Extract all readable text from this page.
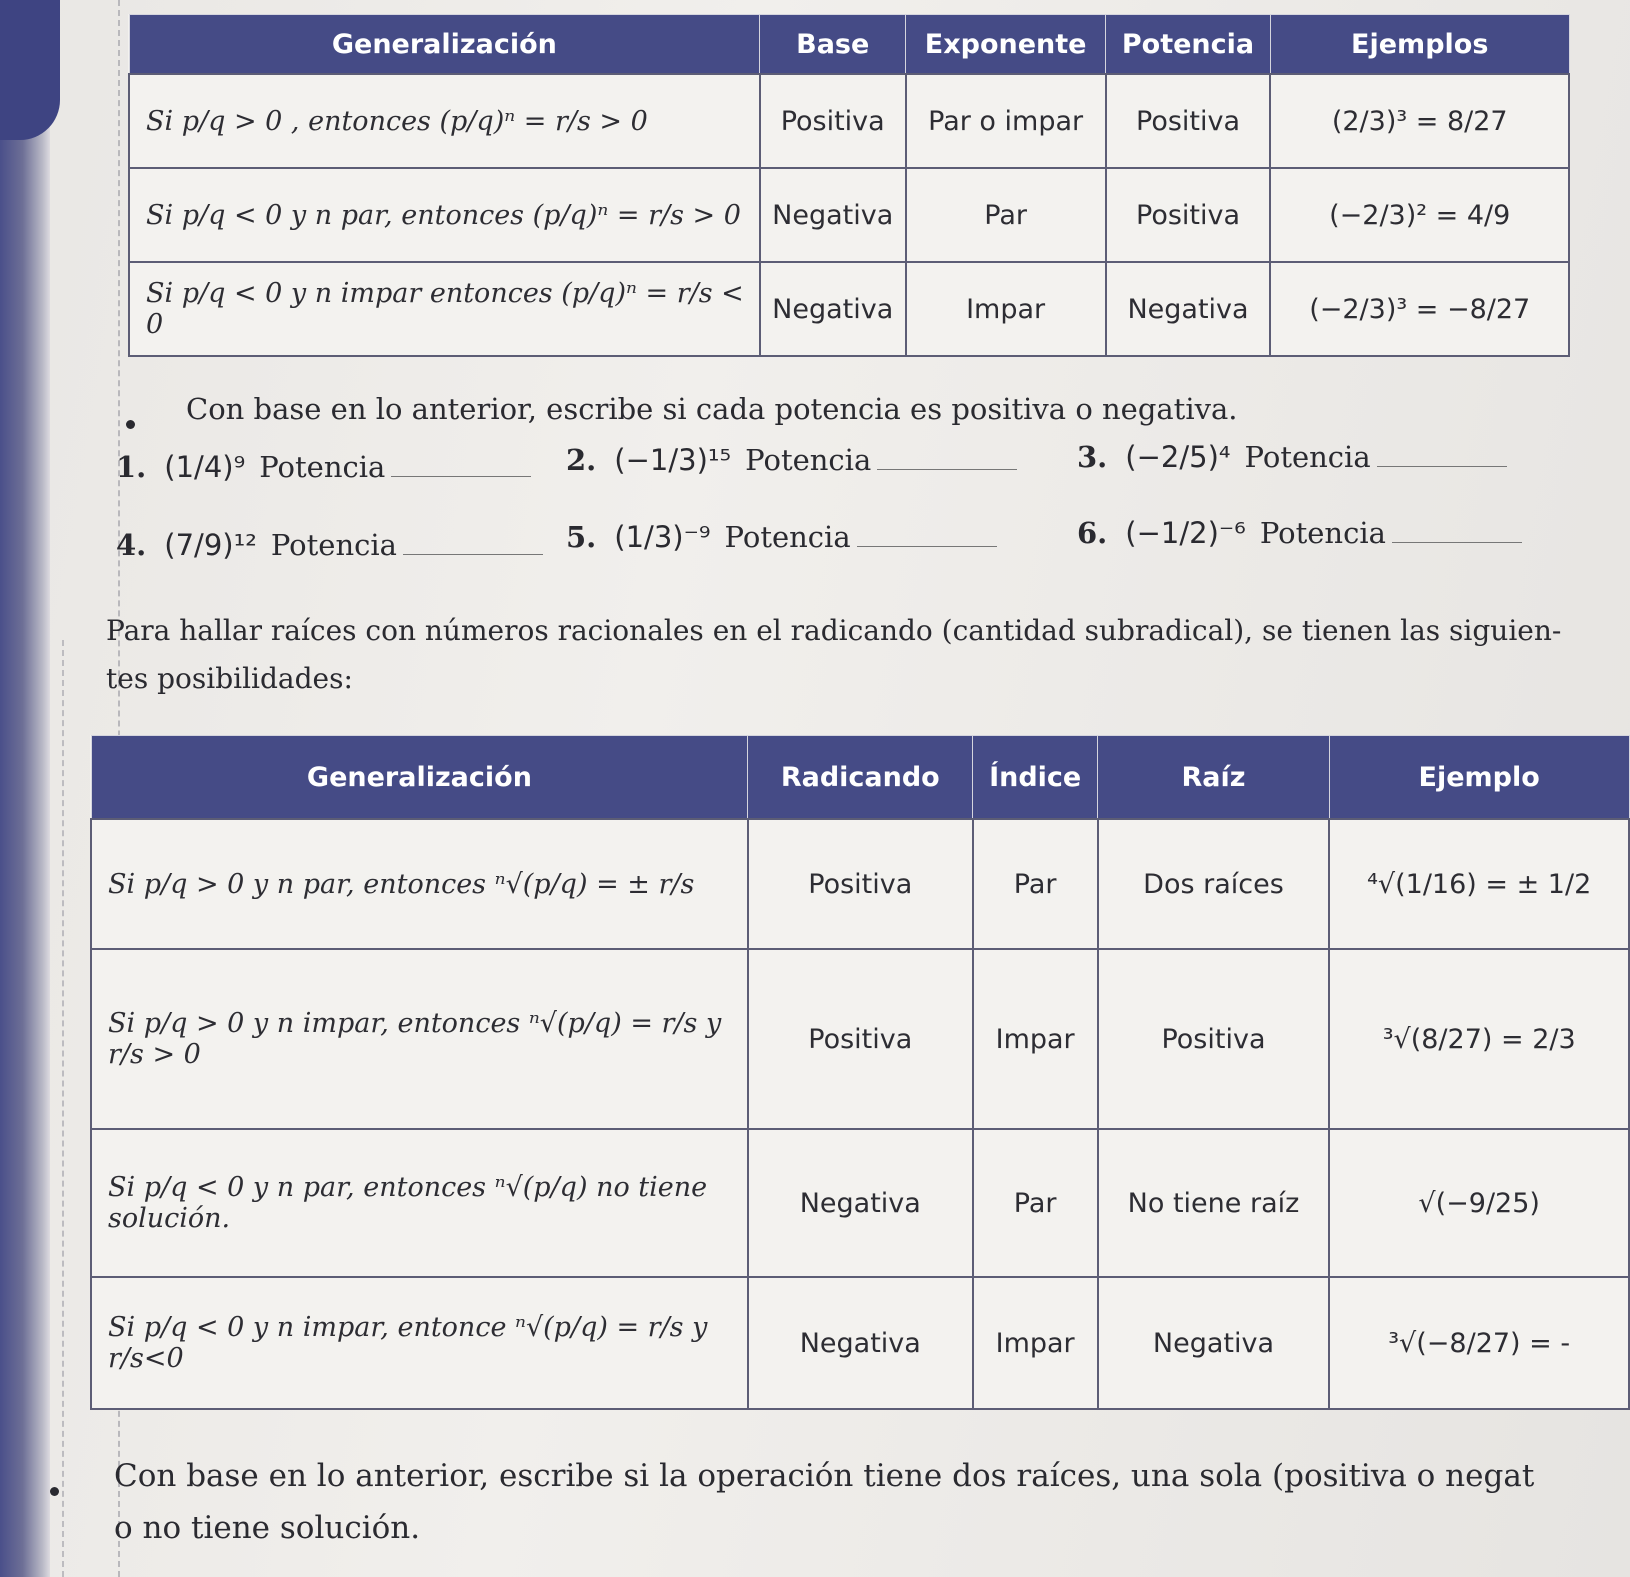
Generalización	Base	Exponente	Potencia	Ejemplos
Si p/q > 0 , entonces (p/q)ⁿ = r/s > 0	Positiva	Par o impar	Positiva	(2/3)³ = 8/27
Si p/q < 0 y n par, entonces (p/q)ⁿ = r/s > 0	Negativa	Par	Positiva	(−2/3)² = 4/9
Si p/q < 0 y n impar entonces (p/q)ⁿ = r/s < 0	Negativa	Impar	Negativa	(−2/3)³ = −8/27
Con base en lo anterior, escribe si cada potencia es positiva o negativa.
1. (1/4)⁹ Potencia	2. (−1/3)¹⁵ Potencia	3. (−2/5)⁴ Potencia
4. (7/9)¹² Potencia	5. (1/3)⁻⁹ Potencia	6. (−1/2)⁻⁶ Potencia
Para hallar raíces con números racionales en el radicando (cantidad subradical), se tienen las siguien-
tes posibilidades:
Generalización	Radicando	Índice	Raíz	Ejemplo
Si p/q > 0 y n par, entonces ⁿ√(p/q) = ± r/s	Positiva	Par	Dos raíces	⁴√(1/16) = ± 1/2
Si p/q > 0 y n impar, entonces ⁿ√(p/q) = r/s y r/s > 0	Positiva	Impar	Positiva	³√(8/27) = 2/3
Si p/q < 0 y n par, entonces ⁿ√(p/q) no tiene solución.	Negativa	Par	No tiene raíz	√(−9/25)
Si p/q < 0 y n impar, entonce ⁿ√(p/q) = r/s y r/s<0	Negativa	Impar	Negativa	³√(−8/27) = -
Con base en lo anterior, escribe si la operación tiene dos raíces, una sola (positiva o negat
o no tiene solución.
